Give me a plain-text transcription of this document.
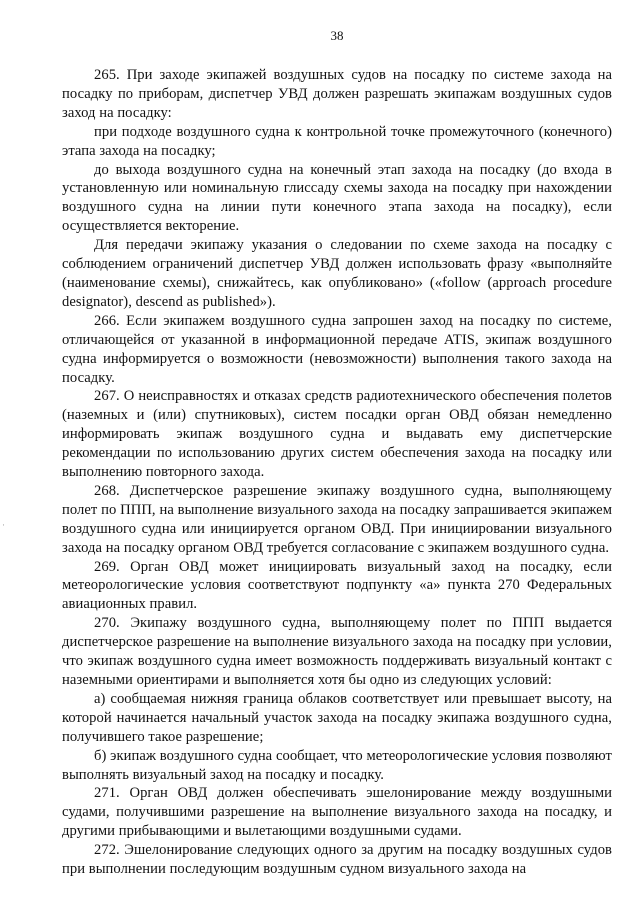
·
38

265. При заходе экипажей воздушных судов на посадку по системе захода на посадку по приборам, диспетчер УВД должен разрешать экипажам воздушных судов заход на посадку:

при подходе воздушного судна к контрольной точке промежуточного (конечного) этапа захода на посадку;

до выхода воздушного судна на конечный этап захода на посадку (до входа в установленную или номинальную глиссаду схемы захода на посадку при нахождении воздушного судна на линии пути конечного этапа захода на посадку), если осуществляется векторение.

Для передачи экипажу указания о следовании по схеме захода на посадку с соблюдением ограничений диспетчер УВД должен использовать фразу «выполняйте (наименование схемы), снижайтесь, как опубликовано» («follow (approach procedure designator), descend as published»).

266. Если экипажем воздушного судна запрошен заход на посадку по системе, отличающейся от указанной в информационной передаче ATIS, экипаж воздушного судна информируется о возможности (невозможности) выполнения такого захода на посадку.

267. О неисправностях и отказах средств радиотехнического обеспечения полетов (наземных и (или) спутниковых), систем посадки орган ОВД обязан немедленно информировать экипаж воздушного судна и выдавать ему диспетчерские рекомендации по использованию других систем обеспечения захода на посадку или выполнению повторного захода.

268. Диспетчерское разрешение экипажу воздушного судна, выполняющему полет по ППП, на выполнение визуального захода на посадку запрашивается экипажем воздушного судна или инициируется органом ОВД. При инициировании визуального захода на посадку органом ОВД требуется согласование с экипажем воздушного судна.

269. Орган ОВД может инициировать визуальный заход на посадку, если метеорологические условия соответствуют подпункту «а» пункта 270 Федеральных авиационных правил.

270. Экипажу воздушного судна, выполняющему полет по ППП выдается диспетчерское разрешение на выполнение визуального захода на посадку при условии, что экипаж воздушного судна имеет возможность поддерживать визуальный контакт с наземными ориентирами и выполняется хотя бы одно из следующих условий:

а) сообщаемая нижняя граница облаков соответствует или превышает высоту, на которой начинается начальный участок захода на посадку экипажа воздушного судна, получившего такое разрешение;

б) экипаж воздушного судна сообщает, что метеорологические условия позволяют выполнять визуальный заход на посадку и посадку.

271. Орган ОВД должен обеспечивать эшелонирование между воздушными судами, получившими разрешение на выполнение визуального захода на посадку, и другими прибывающими и вылетающими воздушными судами.

272. Эшелонирование следующих одного за другим на посадку воздушных судов при выполнении последующим воздушным судном визуального захода на
